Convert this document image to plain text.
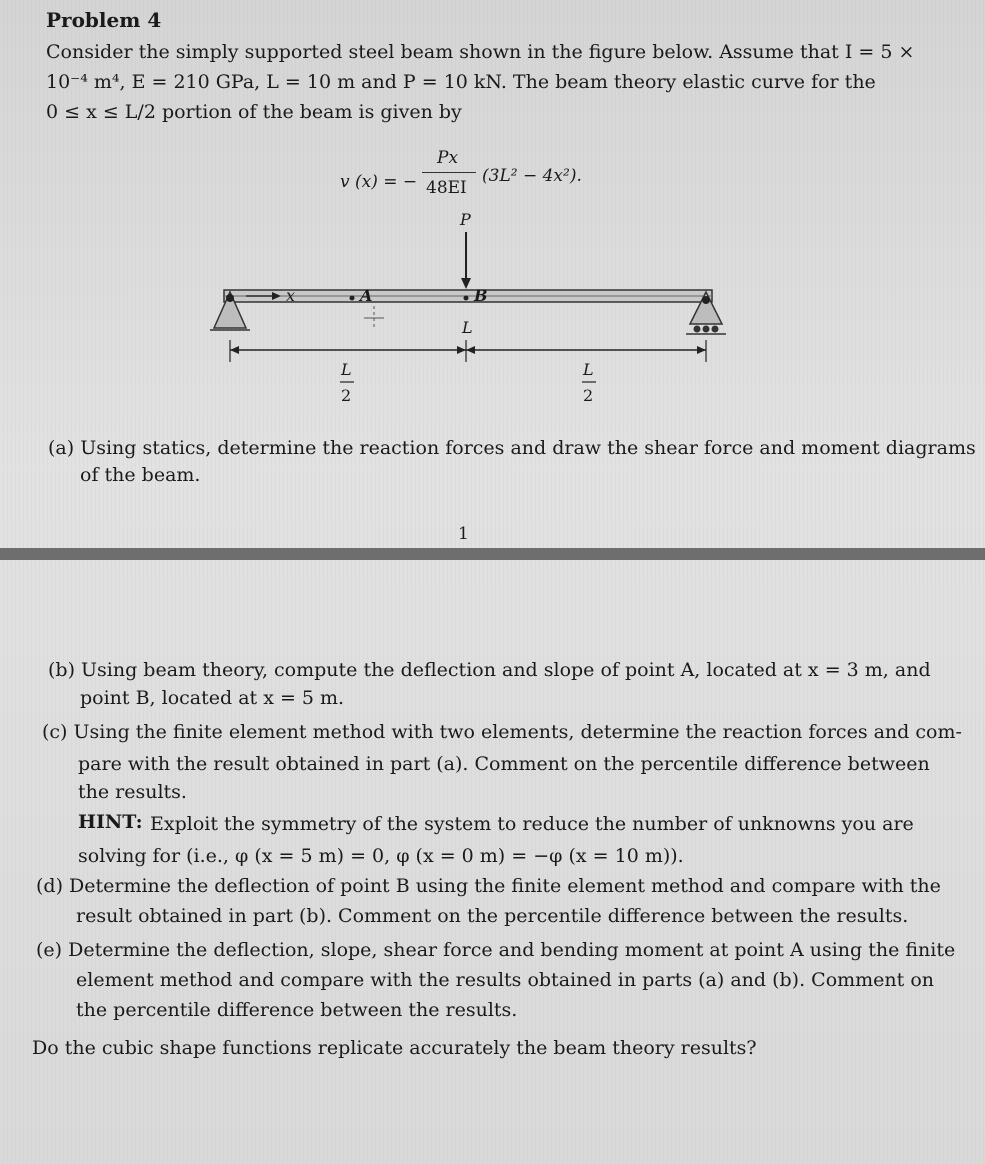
Problem 4
Consider the simply supported steel beam shown in the figure below. Assume that I = 5 ×
10⁻⁴ m⁴, E = 210 GPa, L = 10 m and P = 10 kN. The beam theory elastic curve for the
0 ≤ x ≤ L/2 portion of the beam is given by
v (x) = −
Px
48EI
(3L² − 4x²).
P
x	A	B
L
L
2
L
2
(a) Using statics, determine the reaction forces and draw the shear force and moment diagrams
of the beam.
1
(b) Using beam theory, compute the deflection and slope of point A, located at x = 3 m, and
point B, located at x = 5 m.
(c) Using the finite element method with two elements, determine the reaction forces and com-
pare with the result obtained in part (a). Comment on the percentile difference between
the results.
HINT: Exploit the symmetry of the system to reduce the number of unknowns you are
solving for (i.e., φ (x = 5 m) = 0, φ (x = 0 m) = −φ (x = 10 m)).
(d) Determine the deflection of point B using the finite element method and compare with the
result obtained in part (b). Comment on the percentile difference between the results.
(e) Determine the deflection, slope, shear force and bending moment at point A using the finite
element method and compare with the results obtained in parts (a) and (b). Comment on
the percentile difference between the results.
Do the cubic shape functions replicate accurately the beam theory results?
